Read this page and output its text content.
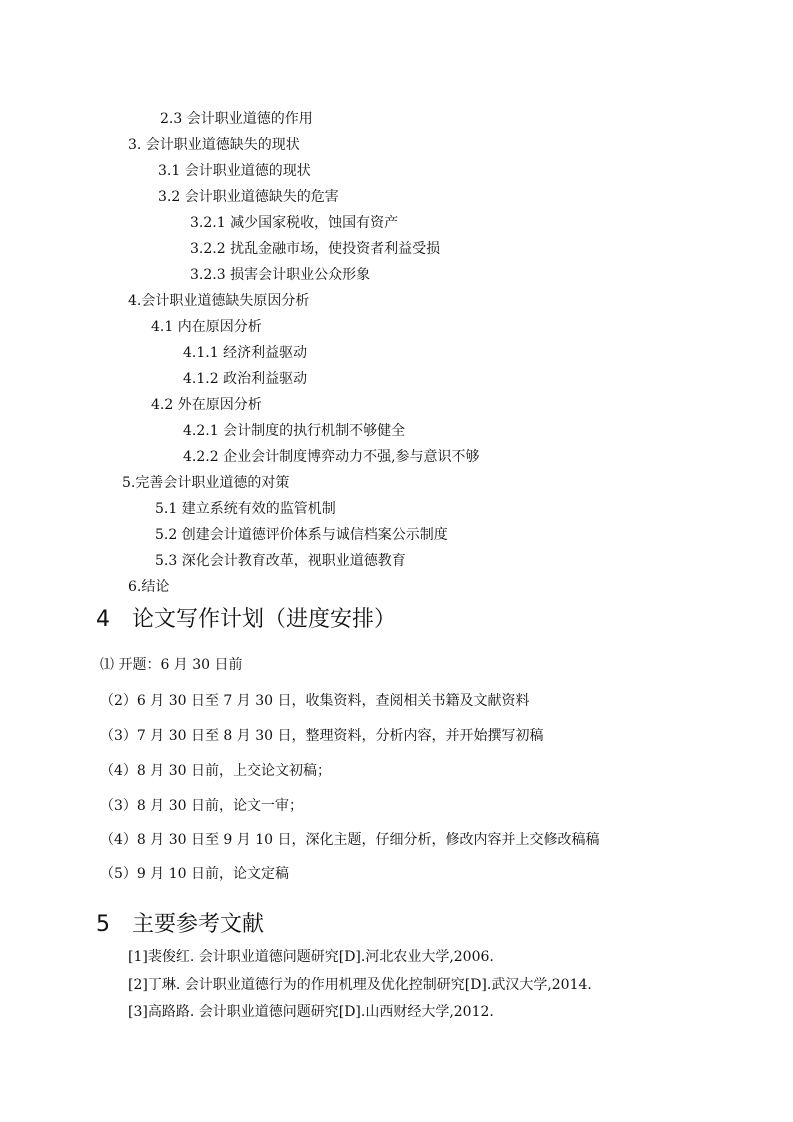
2.3 会计职业道德的作用
3. 会计职业道德缺失的现状
3.1 会计职业道德的现状
3.2 会计职业道德缺失的危害
3.2.1 减少国家税收，蚀国有资产
3.2.2 扰乱金融市场，使投资者利益受损
3.2.3 损害会计职业公众形象
4.会计职业道德缺失原因分析
4.1 内在原因分析
4.1.1 经济利益驱动
4.1.2 政治利益驱动
4.2 外在原因分析
4.2.1 会计制度的执行机制不够健全
4.2.2 企业会计制度博弈动力不强,参与意识不够
5.完善会计职业道德的对策
5.1 建立系统有效的监管机制
5.2 创建会计道德评价体系与诚信档案公示制度
5.3 深化会计教育改革，视职业道德教育
6.结论
4 论文写作计划（进度安排）
⑴ 开题：6 月 30 日前
（2）6 月 30 日至 7 月 30 日，收集资料，查阅相关书籍及文献资料
（3）7 月 30 日至 8 月 30 日，整理资料，分析内容，并开始撰写初稿
（4）8 月 30 日前，上交论文初稿；
（3）8 月 30 日前，论文一审；
（4）8 月 30 日至 9 月 10 日，深化主题，仔细分析，修改内容并上交修改稿稿
（5）9 月 10 日前，论文定稿
5 主要参考文献
[1]裴俊红. 会计职业道德问题研究[D].河北农业大学,2006.
[2]丁琳. 会计职业道德行为的作用机理及优化控制研究[D].武汉大学,2014.
[3]高路路. 会计职业道德问题研究[D].山西财经大学,2012.
